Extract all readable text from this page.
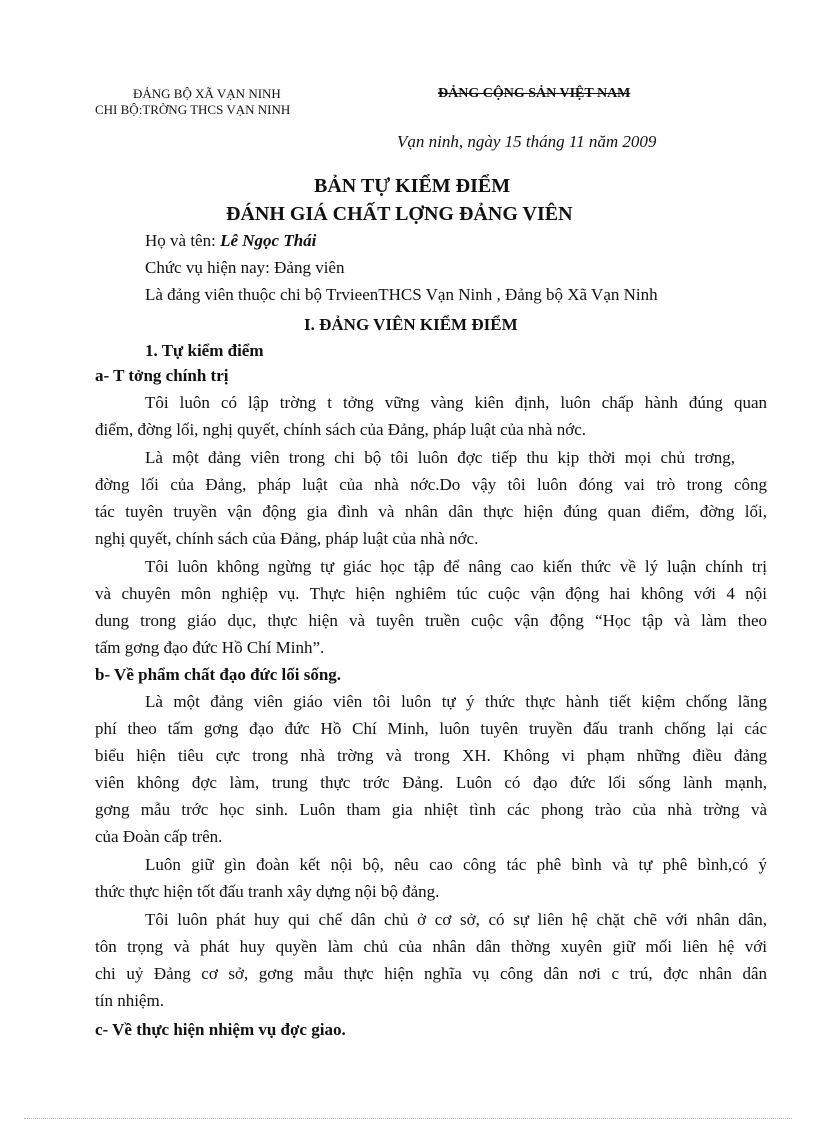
ĐẢNG BỘ XÃ VẠN NINH
CHI BỘ:TRỜNG THCS VẠN NINH
ĐẢNG CỘNG SẢN VIỆT NAM
Vạn ninh, ngày 15 tháng 11 năm 2009
BẢN TỰ KIỂM ĐIỂM
ĐÁNH GIÁ CHẤT LỢNG ĐẢNG VIÊN
Họ và tên: Lê Ngọc Thái
Chức vụ hiện nay: Đảng viên
Là đảng viên thuộc chi bộ TrvieenTHCS Vạn Ninh , Đảng bộ Xã Vạn Ninh
I. ĐẢNG VIÊN KIỂM ĐIỂM
1. Tự kiểm điểm
a- T tởng chính trị
Tôi luôn có lập trờng t tởng vững vàng kiên định, luôn chấp hành đúng quan
điểm, đờng lối, nghị quyết, chính sách của Đảng, pháp luật của nhà nớc.
Là một đảng viên trong chi bộ tôi luôn đợc tiếp thu kịp thời mọi chủ trơng,
đờng lối của Đảng, pháp luật của nhà nớc.Do vậy tôi luôn đóng vai trò trong công
tác tuyên truyền vận động gia đình và nhân dân thực hiện đúng quan điểm, đờng lối,
nghị quyết, chính sách của Đảng, pháp luật của nhà nớc.
Tôi luôn không ngừng tự giác học tập để nâng cao kiến thức về lý luận chính trị
và chuyên môn nghiệp vụ. Thực hiện nghiêm túc cuộc vận động hai không với 4 nội
dung trong giáo dục, thực hiện và tuyên truền cuộc vận động “Học tập và làm theo
tấm gơng đạo đức Hồ Chí Minh”.
b- Về phẩm chất đạo đức lối sống.
Là một đảng viên giáo viên tôi luôn tự ý thức thực hành tiết kiệm chống lãng
phí theo tấm gơng đạo đức Hồ Chí Minh, luôn tuyên truyền đấu tranh chống lại các
biểu hiện tiêu cực trong nhà trờng và trong XH. Không vi phạm những điều đảng
viên không đợc làm, trung thực trớc Đảng. Luôn có đạo đức lối sống lành mạnh,
gơng mẫu trớc học sinh. Luôn tham gia nhiệt tình các phong trào của nhà trờng và
của Đoàn cấp trên.
Luôn giữ gìn đoàn kết nội bộ, nêu cao công tác phê bình và tự phê bình,có ý
thức thực hiện tốt đấu tranh xây dựng nội bộ đảng.
Tôi luôn phát huy qui chế dân chủ ở cơ sở, có sự liên hệ chặt chẽ với nhân dân,
tôn trọng và phát huy quyền làm chủ của nhân dân thờng xuyên giữ mối liên hệ với
chi uỷ Đảng cơ sở, gơng mẫu thực hiện nghĩa vụ công dân nơi c trú, đợc nhân dân
tín nhiệm.
c- Về thực hiện nhiệm vụ đợc giao.
